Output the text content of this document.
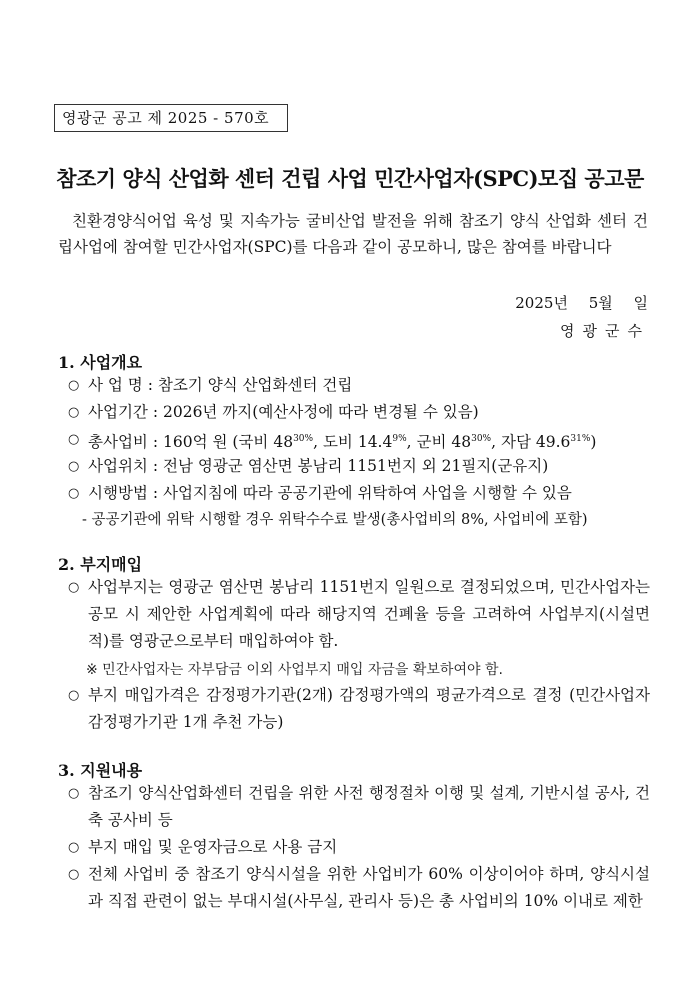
영광군 공고 제 2025 - 570호
참조기 양식 산업화 센터 건립 사업 민간사업자(SPC)모집 공고문
친환경양식어업 육성 및 지속가능 굴비산업 발전을 위해 참조기 양식 산업화 센터 건립사업에 참여할 민간사업자(SPC)를 다음과 같이 공모하니, 많은 참여를 바랍니다
2025년 5월 일
영광군수
1. 사업개요
○ 사 업 명 : 참조기 양식 산업화센터 건립
○ 사업기간 : 2026년 까지(예산사정에 따라 변경될 수 있음)
○ 총사업비 : 160억 원 (국비 $48^{30\%}$, 도비 $14.4^{9\%}$, 군비 $48^{30\%}$, 자담 $49.6^{31\%}$)
○ 사업위치 : 전남 영광군 염산면 봉남리 1151번지 외 21필지(군유지)
○ 시행방법 : 사업지침에 따라 공공기관에 위탁하여 사업을 시행할 수 있음
- 공공기관에 위탁 시행할 경우 위탁수수료 발생(총사업비의 8%, 사업비에 포함)
2. 부지매입
○ 사업부지는 영광군 염산면 봉남리 1151번지 일원으로 결정되었으며, 민간사업자는 공모 시 제안한 사업계획에 따라 해당지역 건폐율 등을 고려하여 사업부지(시설면적)를 영광군으로부터 매입하여야 함.
※ 민간사업자는 자부담금 이외 사업부지 매입 자금을 확보하여야 함.
○ 부지 매입가격은 감정평가기관(2개) 감정평가액의 평균가격으로 결정 (민간사업자 감정평가기관 1개 추천 가능)
3. 지원내용
○ 참조기 양식산업화센터 건립을 위한 사전 행정절차 이행 및 설계, 기반시설 공사, 건축 공사비 등
○ 부지 매입 및 운영자금으로 사용 금지
○ 전체 사업비 중 참조기 양식시설을 위한 사업비가 60% 이상이어야 하며, 양식시설과 직접 관련이 없는 부대시설(사무실, 관리사 등)은 총 사업비의 10% 이내로 제한
